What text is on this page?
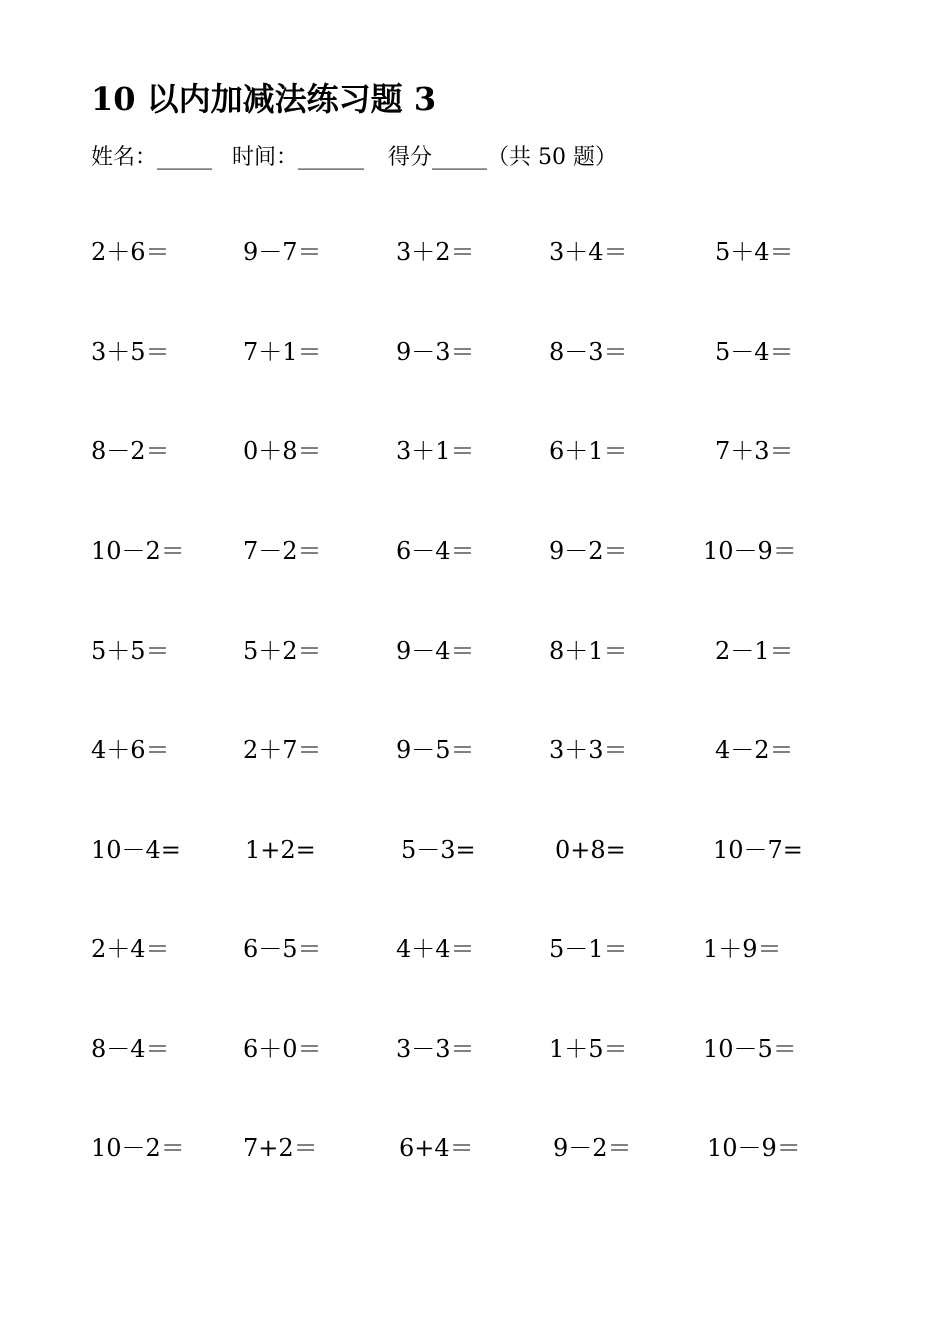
10 以内加减法练习题 3
姓名：_____ 时间：______ 得分_____（共 50 题）
2＋6＝	9－7＝	3＋2＝	3＋4＝	5＋4＝
3＋5＝	7＋1＝	9－3＝	8－3＝	5－4＝
8－2＝	0＋8＝	3＋1＝	6＋1＝	7＋3＝
10－2＝ 7－2＝	6－4＝	9－2＝	10－9＝
5＋5＝	5＋2＝	9－4＝	8＋1＝	2－1＝
4＋6＝	2＋7＝	9－5＝	3＋3＝	4－2＝
10－4=	1+2=	5－3=	0+8=	10－7=
2＋4＝	6－5＝	4＋4＝	5－1＝	1＋9＝
8－4＝	6＋0＝	3－3＝	1＋5＝	10－5＝
10－2＝ 7+2＝	6+4＝	9－2＝	10－9＝
